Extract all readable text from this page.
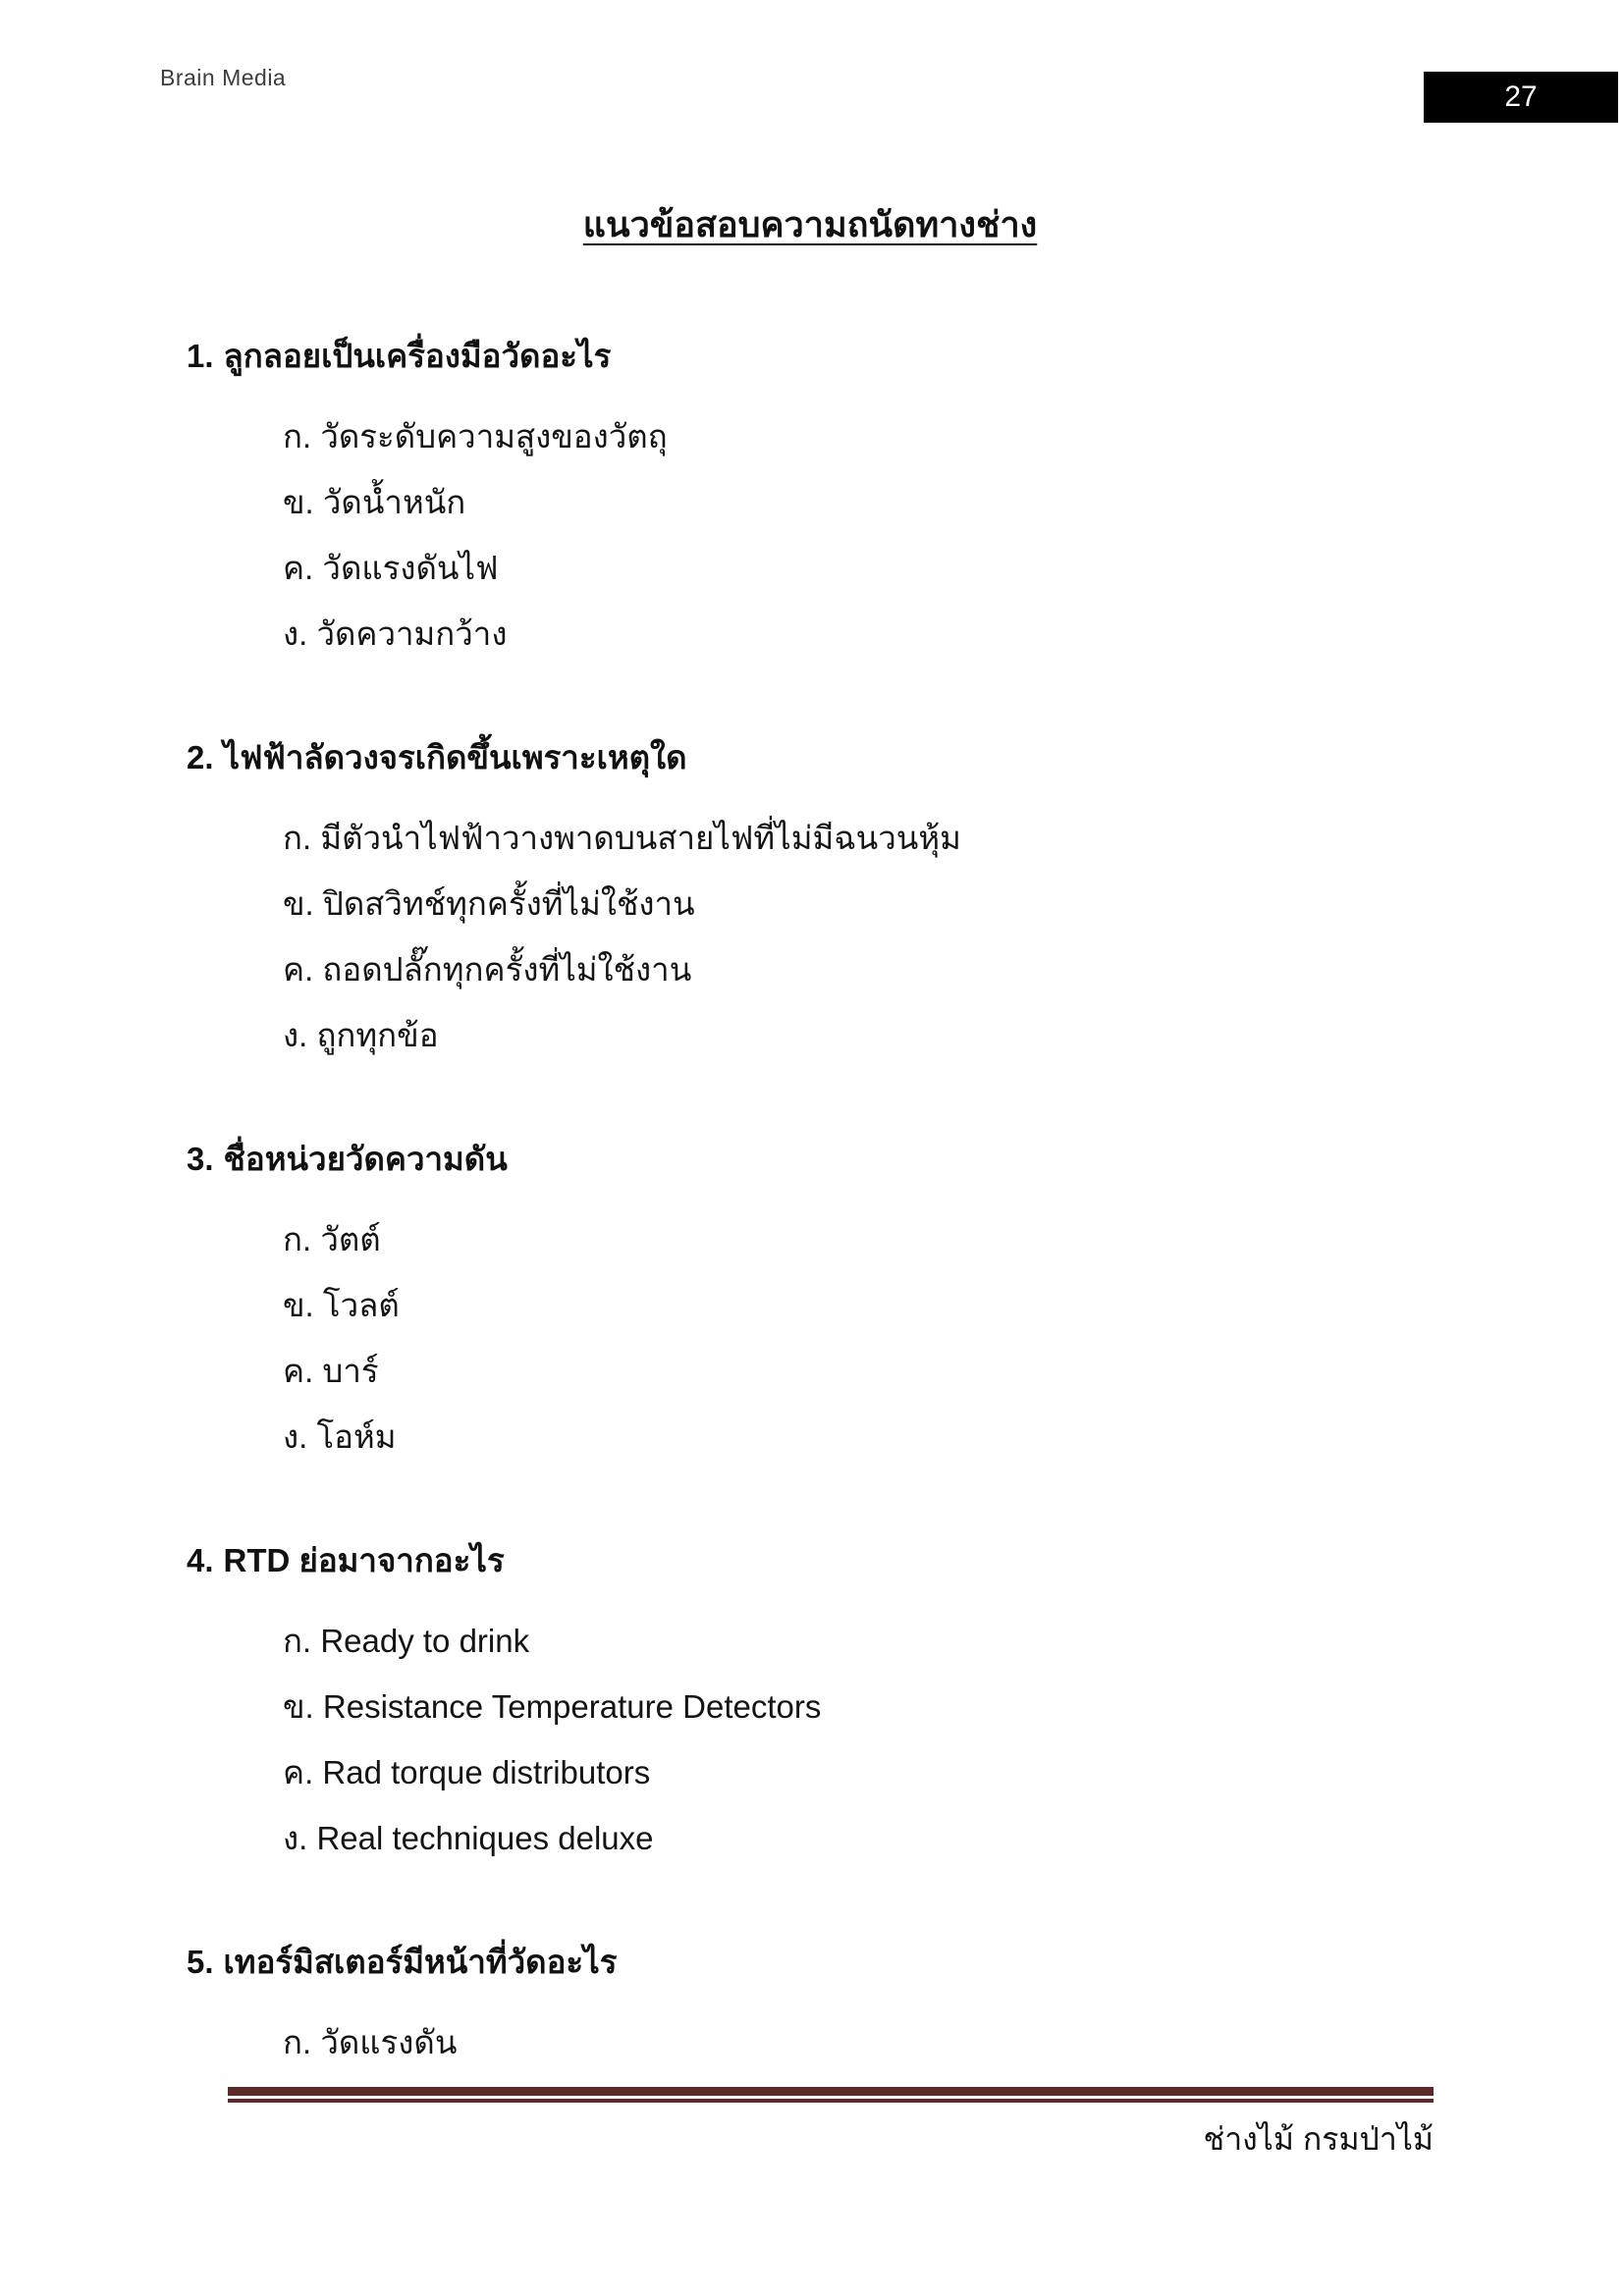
Brain Media
27
แนวข้อสอบความถนัดทางช่าง
1. ลูกลอยเป็นเครื่องมือวัดอะไร
ก. วัดระดับความสูงของวัตถุ
ข. วัดน้ำหนัก
ค. วัดแรงดันไฟ
ง. วัดความกว้าง
2. ไฟฟ้าลัดวงจรเกิดขึ้นเพราะเหตุใด
ก. มีตัวนำไฟฟ้าวางพาดบนสายไฟที่ไม่มีฉนวนหุ้ม
ข. ปิดสวิทช์ทุกครั้งที่ไม่ใช้งาน
ค. ถอดปลั๊กทุกครั้งที่ไม่ใช้งาน
ง. ถูกทุกข้อ
3. ชื่อหน่วยวัดความดัน
ก. วัตต์
ข. โวลต์
ค. บาร์
ง. โอห์ม
4. RTD ย่อมาจากอะไร
ก. Ready to drink
ข. Resistance Temperature Detectors
ค. Rad torque distributors
ง. Real techniques deluxe
5. เทอร์มิสเตอร์มีหน้าที่วัดอะไร
ก. วัดแรงดัน
ช่างไม้ กรมป่าไม้
